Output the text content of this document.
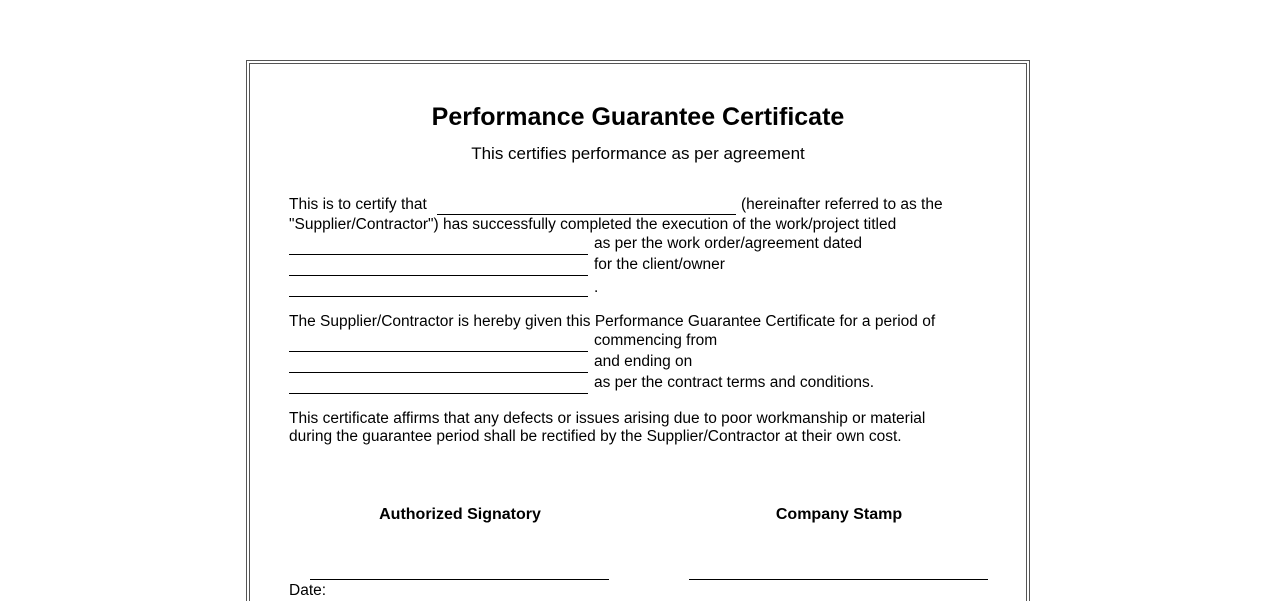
Performance Guarantee Certificate
This certifies performance as per agreement
This is to certify that	(hereinafter referred to as the
"Supplier/Contractor") has successfully completed the execution of the work/project titled
as per the work order/agreement dated
for the client/owner
.
The Supplier/Contractor is hereby given this Performance Guarantee Certificate for a period of
commencing from
and ending on
as per the contract terms and conditions.
This certificate affirms that any defects or issues arising due to poor workmanship or material
during the guarantee period shall be rectified by the Supplier/Contractor at their own cost.
Authorized Signatory	Company Stamp
Date:
